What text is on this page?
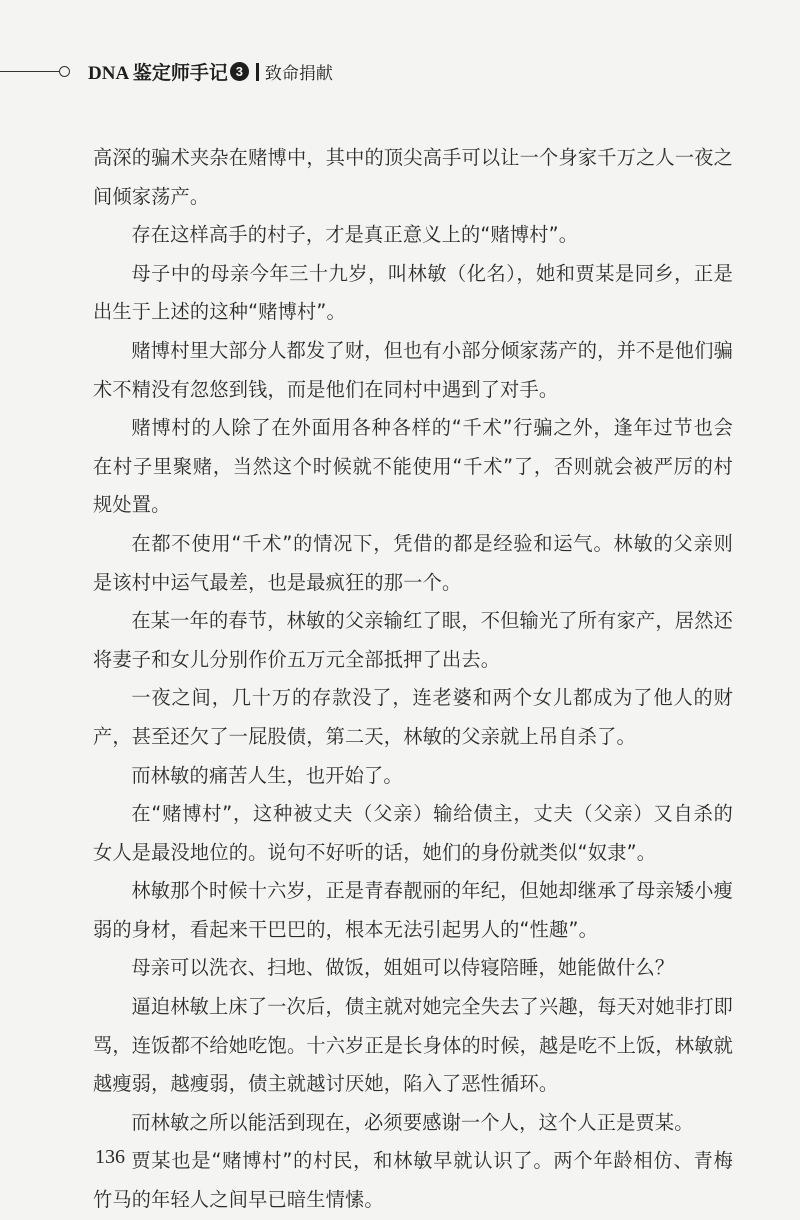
DNA 鉴定师手记 3	致命捐献

高深的骗术夹杂在赌博中，其中的顶尖高手可以让一个身家千万之人一夜之间倾家荡产。

存在这样高手的村子，才是真正意义上的“赌博村”。

母子中的母亲今年三十九岁，叫林敏（化名），她和贾某是同乡，正是出生于上述的这种“赌博村”。

赌博村里大部分人都发了财，但也有小部分倾家荡产的，并不是他们骗术不精没有忽悠到钱，而是他们在同村中遇到了对手。

赌博村的人除了在外面用各种各样的“千术”行骗之外，逢年过节也会在村子里聚赌，当然这个时候就不能使用“千术”了，否则就会被严厉的村规处置。

在都不使用“千术”的情况下，凭借的都是经验和运气。林敏的父亲则是该村中运气最差，也是最疯狂的那一个。

在某一年的春节，林敏的父亲输红了眼，不但输光了所有家产，居然还将妻子和女儿分别作价五万元全部抵押了出去。

一夜之间，几十万的存款没了，连老婆和两个女儿都成为了他人的财产，甚至还欠了一屁股债，第二天，林敏的父亲就上吊自杀了。

而林敏的痛苦人生，也开始了。

在“赌博村”，这种被丈夫（父亲）输给债主，丈夫（父亲）又自杀的女人是最没地位的。说句不好听的话，她们的身份就类似“奴隶”。

林敏那个时候十六岁，正是青春靓丽的年纪，但她却继承了母亲矮小瘦弱的身材，看起来干巴巴的，根本无法引起男人的“性趣”。

母亲可以洗衣、扫地、做饭，姐姐可以侍寝陪睡，她能做什么？

逼迫林敏上床了一次后，债主就对她完全失去了兴趣，每天对她非打即骂，连饭都不给她吃饱。十六岁正是长身体的时候，越是吃不上饭，林敏就越瘦弱，越瘦弱，债主就越讨厌她，陷入了恶性循环。

而林敏之所以能活到现在，必须要感谢一个人，这个人正是贾某。

贾某也是“赌博村”的村民，和林敏早就认识了。两个年龄相仿、青梅竹马的年轻人之间早已暗生情愫。

136
